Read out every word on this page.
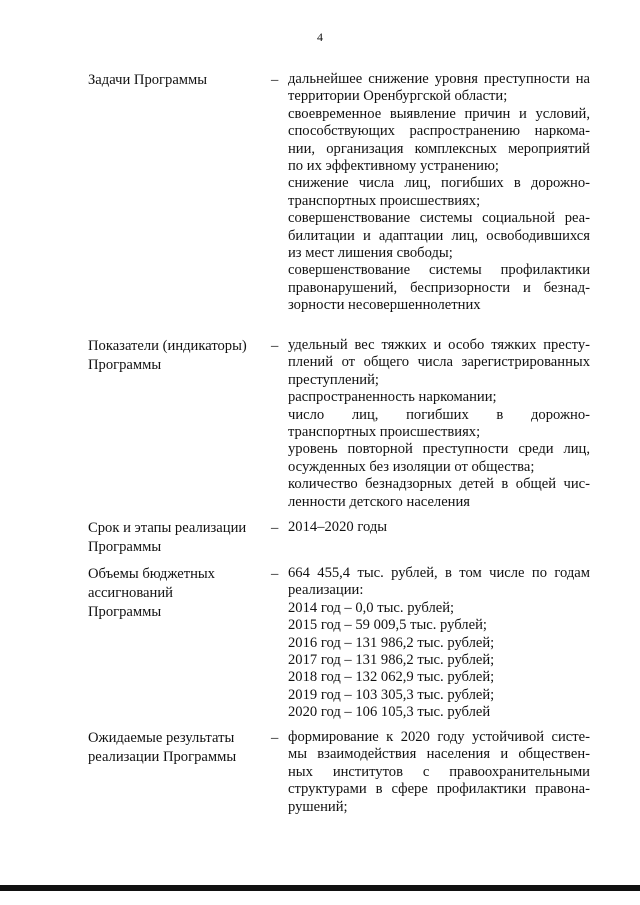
4
Задачи Программы	– дальнейшее снижение уровня преступности на
территории Оренбургской области;
своевременное выявление причин и условий,
способствующих распространению наркома-
нии, организация комплексных мероприятий
по их эффективному устранению;
снижение числа лиц, погибших в дорожно-
транспортных происшествиях;
совершенствование системы социальной реа-
билитации и адаптации лиц, освободившихся
из мест лишения свободы;
совершенствование системы профилактики
правонарушений, беспризорности и безнад-
зорности несовершеннолетних
Показатели (индикаторы)
Программы
– удельный вес тяжких и особо тяжких престу-
плений от общего числа зарегистрированных
преступлений;
распространенность наркомании;
число лиц, погибших в дорожно-
транспортных происшествиях;
уровень повторной преступности среди лиц,
осужденных без изоляции от общества;
количество безнадзорных детей в общей чис-
ленности детского населения
Срок и этапы реализации
Программы
– 2014–2020 годы
Объемы бюджетных
ассигнований
Программы
– 664 455,4 тыс. рублей, в том числе по годам
реализации:
2014 год – 0,0 тыс. рублей;
2015 год – 59 009,5 тыс. рублей;
2016 год – 131 986,2 тыс. рублей;
2017 год – 131 986,2 тыс. рублей;
2018 год – 132 062,9 тыс. рублей;
2019 год – 103 305,3 тыс. рублей;
2020 год – 106 105,3 тыс. рублей
Ожидаемые результаты
реализации Программы
– формирование к 2020 году устойчивой систе-
мы взаимодействия населения и обществен-
ных институтов с правоохранительными
структурами в сфере профилактики правона-
рушений;
